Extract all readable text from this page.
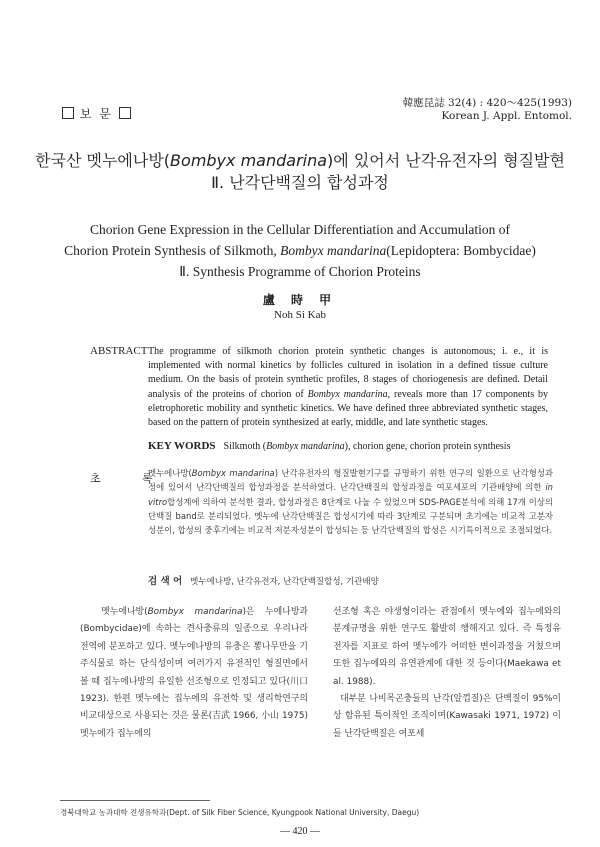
보 문
韓應昆誌 32(4) : 420～425(1993)
Korean J. Appl. Entomol.
한국산 멧누에나방(Bombyx mandarina)에 있어서 난각유전자의 형질발현
Ⅱ. 난각단백질의 합성과정
Chorion Gene Expression in the Cellular Differentiation and Accumulation of
Chorion Protein Synthesis of Silkmoth, Bombyx mandarina(Lepidoptera: Bombycidae)
Ⅱ. Synthesis Programme of Chorion Proteins
盧 時 甲
Noh Si Kab
ABSTRACT The programme of silkmoth chorion protein synthetic changes is autonomous; i. e., it is implemented with normal kinetics by follicles cultured in isolation in a defined tissue culture medium. On the basis of protein synthetic profiles, 8 stages of choriogenesis are defined. Detail analysis of the proteins of chorion of Bombyx mandarina, reveals more than 17 components by eletrophoretic mobility and synthetic kinetics. We have defined three abbreviated synthetic stages, based on the pattern of protein synthesized at early, middle, and late synthetic stages.
KEY WORDS Silkmoth (Bombyx mandarina), chorion gene, chorion protein synthesis
초	록
멧누에나방(Bombyx mandarina) 난각유전자의 형질발현기구를 규명하기 위한 연구의 일환으로 난각형성과정에 있어서 난각단백질의 합성과정을 분석하였다. 난각단백질의 합성과정을 여포세포의 기관배양에 의한 in vitro합성계에 의하여 분석한 결과, 합성과정은 8단계로 나눌 수 있었으며 SDS-PAGE분석에 의해 17개 이상의 단백질 band로 분리되었다. 멧누에 난각단백질은 합성시기에 따라 3단계로 구분되며 초기에는 비교적 고분자 성분이, 합성의 중후기에는 비교적 저분자성분이 합성되는 등 난각단백질의 합성은 시기특이적으로 조절되었다.
검 색 어 멧누에나방, 난각유전자, 난각단백질합성, 기관배양
멧누에나방(Bombyx mandarina)은 누에나방과(Bombycidae)에 속하는 견사충류의 일종으로 우리나라 전역에 분포하고 있다. 멧누에나방의 유충은 뽕나무만을 기주식물로 하는 단식성이며 여러가지 유전적인 형질면에서 볼 때 집누에나방의 유일한 선조형으로 인정되고 있다(川口 1923). 한편 멧누에는 집누에의 유전학 및 생리학연구의 비교대상으로 사용되는 것은 물론(吉武 1966, 小山 1975) 멧누에가 집누에의
선조형 혹은 야생형이라는 관점에서 멧누에와 집누에와의 분계규명을 위한 연구도 활발히 행해지고 있다. 즉 특정유전자를 지표로 하여 멧누에가 어떠한 변이과정을 거쳤으며 또한 집누에와의 유연관계에 대한 것 등이다(Maekawa et al. 1988).
대부분 나비목곤충들의 난각(알껍질)은 단백질이 95%이상 함유된 특이적인 조직이며(Kawasaki 1971, 1972) 이들 난각단백질은 여포세
경북대학교 농과대학 견생유학과(Dept. of Silk Fiber Science, Kyungpook National University, Daegu)
— 420 —
